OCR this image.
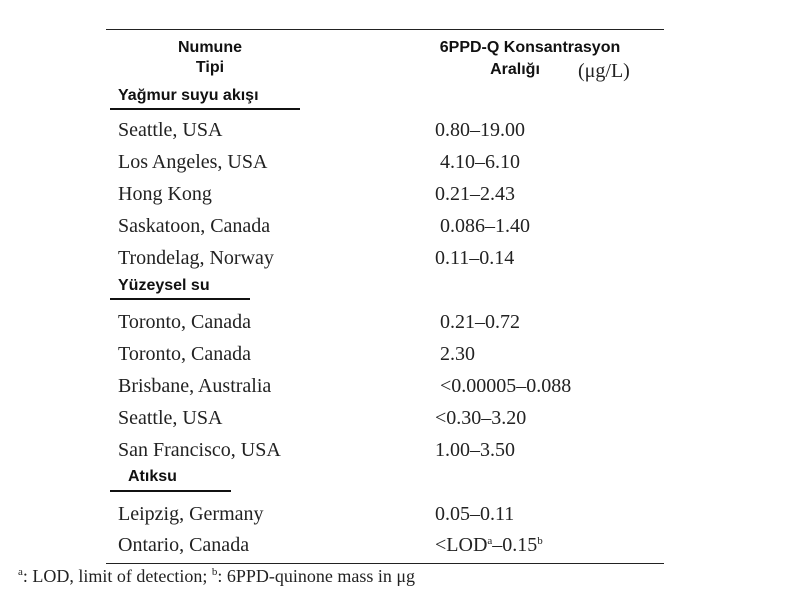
Numune
Tipi
6PPD-Q Konsantrasyon
Aralığı	(μg/L)
Yağmur suyu akışı
Seattle, USA	0.80–19.00
Los Angeles, USA	4.10–6.10
Hong Kong	0.21–2.43
Saskatoon, Canada	0.086–1.40
Trondelag, Norway	0.11–0.14
Yüzeysel su
Toronto, Canada	0.21–0.72
Toronto, Canada	2.30
Brisbane, Australia	<0.00005–0.088
Seattle, USA	<0.30–3.20
San Francisco, USA	1.00–3.50
Atıksu
Leipzig, Germany	0.05–0.11
Ontario, Canada	$<LOD^a-0.15^b$
$^a$: LOD, limit of detection; $^b$: 6PPD-quinone mass in μg
